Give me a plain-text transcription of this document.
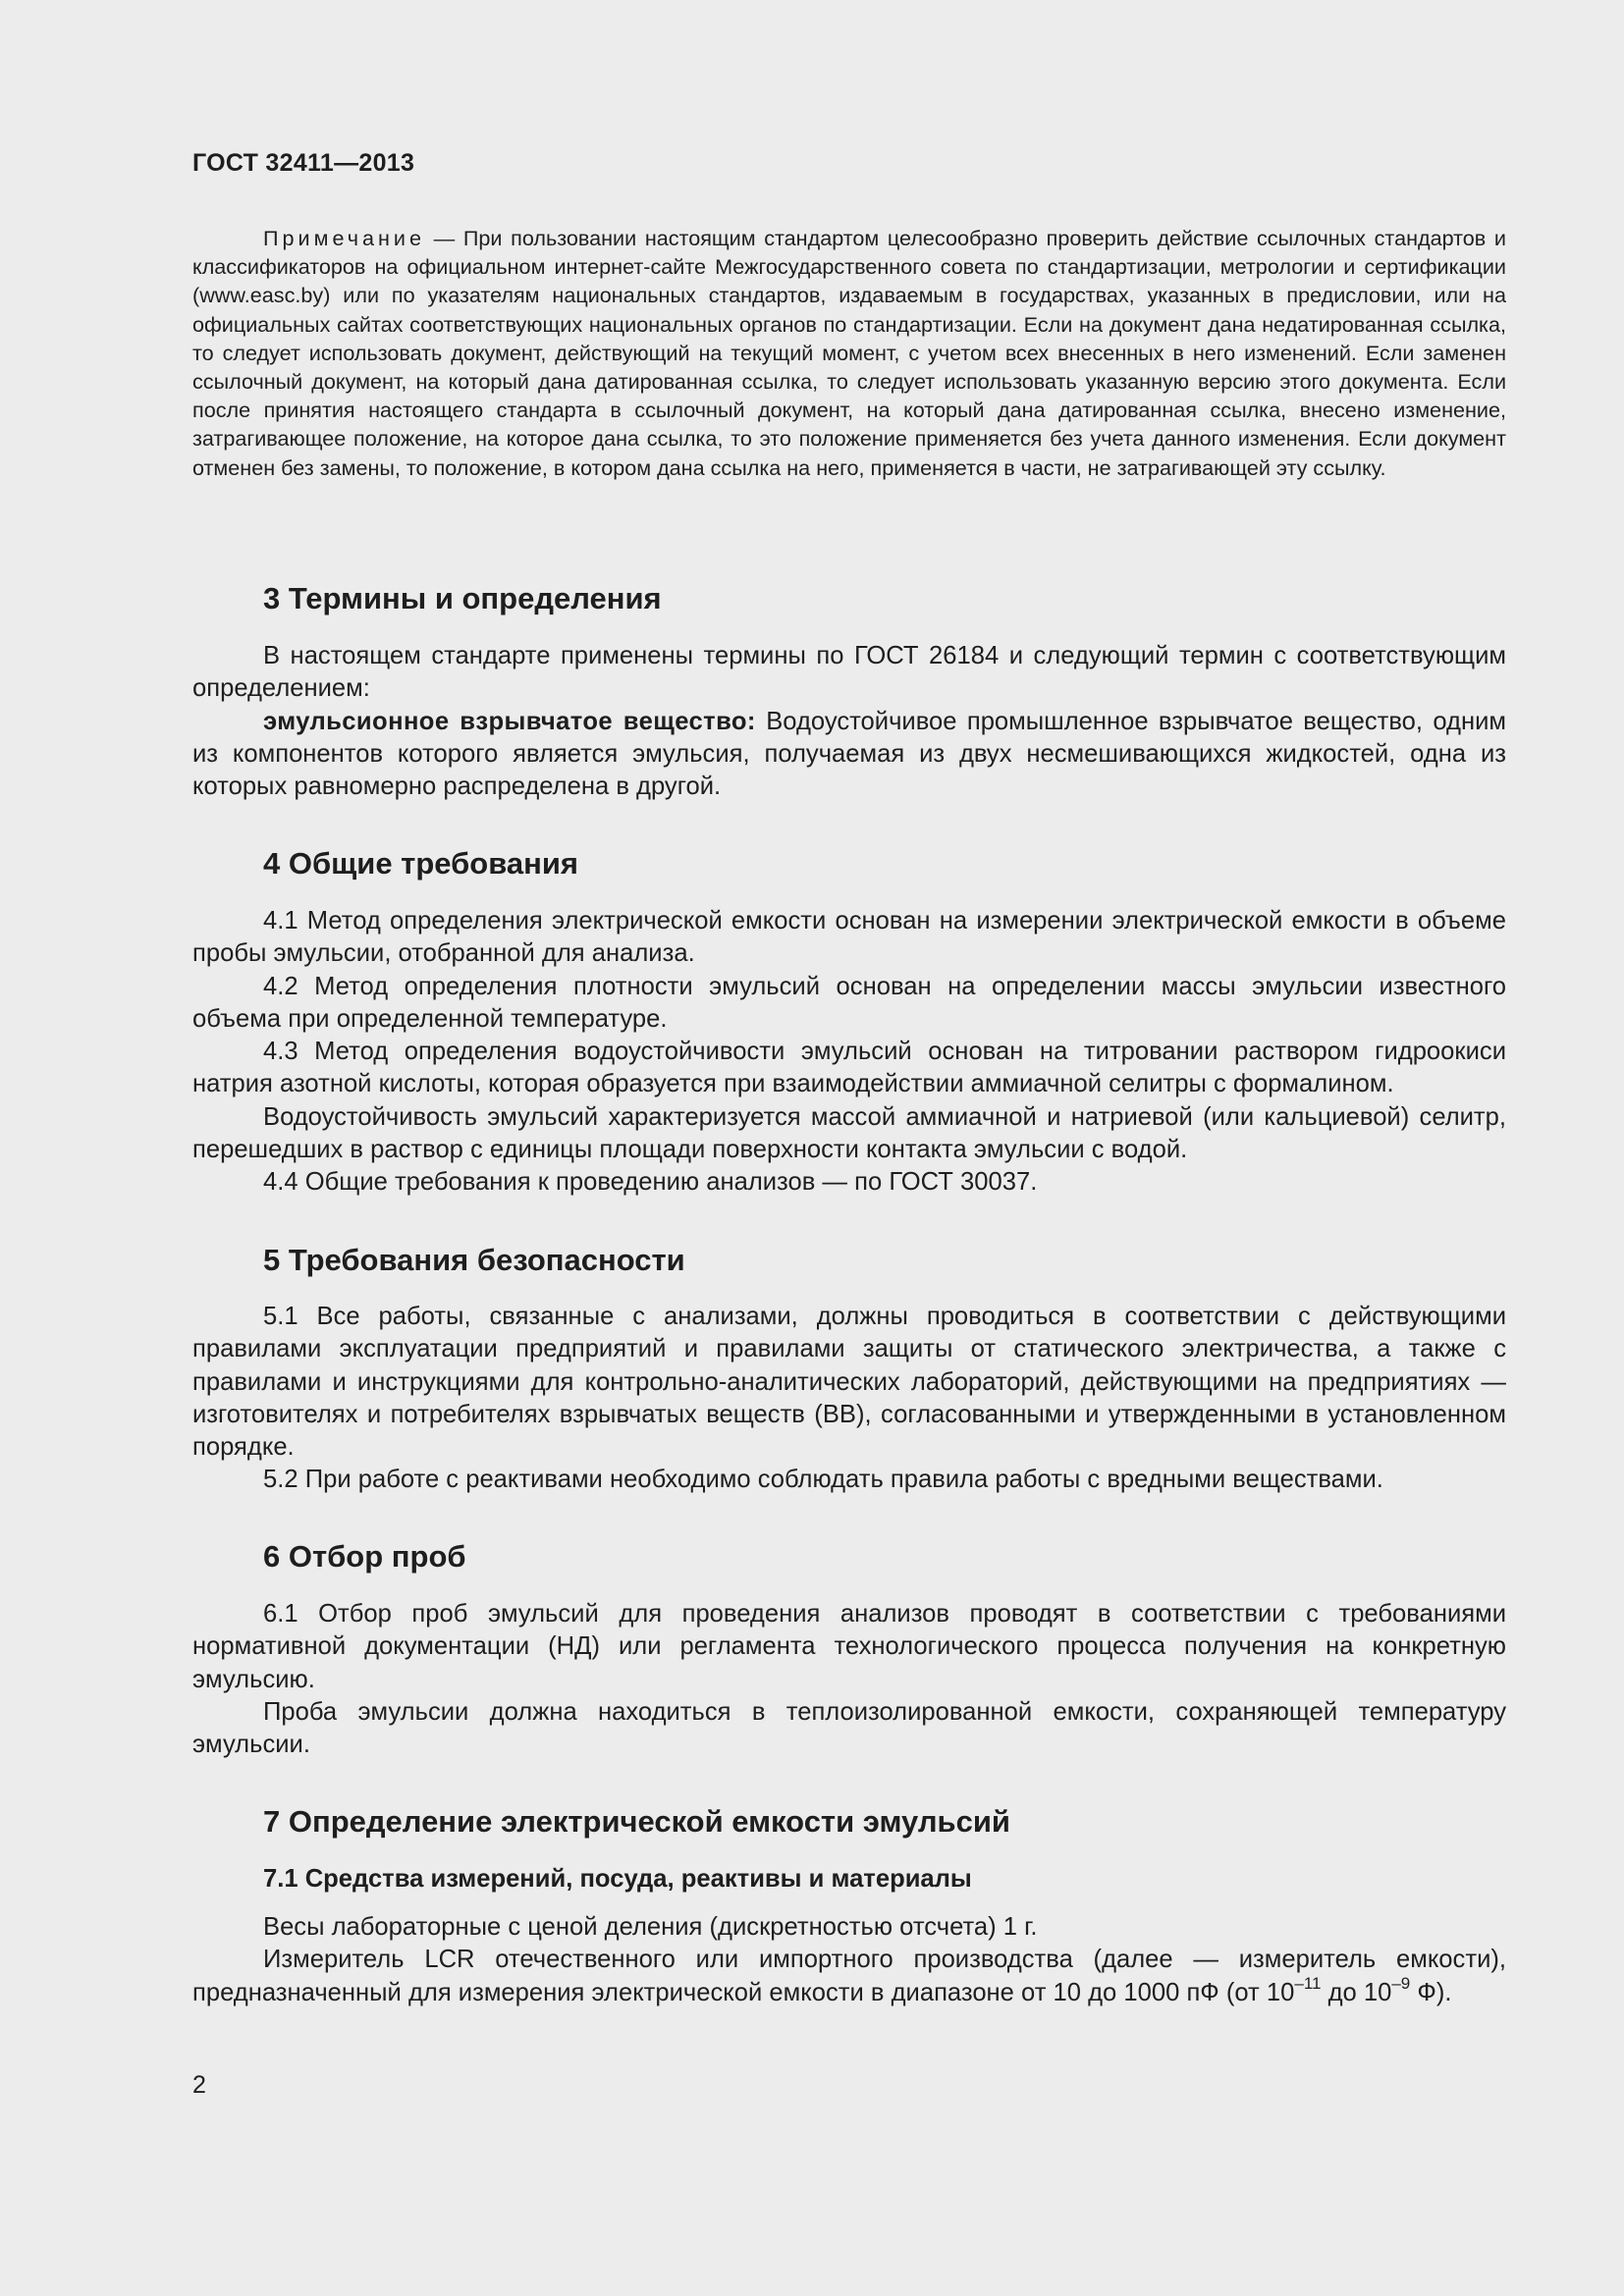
ГОСТ 32411—2013
Примечание — При пользовании настоящим стандартом целесообразно проверить действие ссылочных стандартов и классификаторов на официальном интернет-сайте Межгосударственного совета по стандартизации, метрологии и сертификации (www.easc.by) или по указателям национальных стандартов, издаваемым в государствах, указанных в предисловии, или на официальных сайтах соответствующих национальных органов по стандартизации. Если на документ дана недатированная ссылка, то следует использовать документ, действующий на текущий момент, с учетом всех внесенных в него изменений. Если заменен ссылочный документ, на который дана датированная ссылка, то следует использовать указанную версию этого документа. Если после принятия настоящего стандарта в ссылочный документ, на который дана датированная ссылка, внесено изменение, затрагивающее положение, на которое дана ссылка, то это положение применяется без учета данного изменения. Если документ отменен без замены, то положение, в котором дана ссылка на него, применяется в части, не затрагивающей эту ссылку.
3 Термины и определения

В настоящем стандарте применены термины по ГОСТ 26184 и следующий термин с соответствующим определением:

эмульсионное взрывчатое вещество: Водоустойчивое промышленное взрывчатое вещество, одним из компонентов которого является эмульсия, получаемая из двух несмешивающихся жидкостей, одна из которых равномерно распределена в другой.

4 Общие требования

4.1 Метод определения электрической емкости основан на измерении электрической емкости в объеме пробы эмульсии, отобранной для анализа.

4.2 Метод определения плотности эмульсий основан на определении массы эмульсии известного объема при определенной температуре.

4.3 Метод определения водоустойчивости эмульсий основан на титровании раствором гидроокиси натрия азотной кислоты, которая образуется при взаимодействии аммиачной селитры с формалином.

Водоустойчивость эмульсий характеризуется массой аммиачной и натриевой (или кальциевой) селитр, перешедших в раствор с единицы площади поверхности контакта эмульсии с водой.

4.4 Общие требования к проведению анализов — по ГОСТ 30037.

5 Требования безопасности

5.1 Все работы, связанные с анализами, должны проводиться в соответствии с действующими правилами эксплуатации предприятий и правилами защиты от статического электричества, а также с правилами и инструкциями для контрольно-аналитических лабораторий, действующими на предприятиях — изготовителях и потребителях взрывчатых веществ (ВВ), согласованными и утвержденными в установленном порядке.

5.2 При работе с реактивами необходимо соблюдать правила работы с вредными веществами.

6 Отбор проб

6.1 Отбор проб эмульсий для проведения анализов проводят в соответствии с требованиями нормативной документации (НД) или регламента технологического процесса получения на конкретную эмульсию.

Проба эмульсии должна находиться в теплоизолированной емкости, сохраняющей температуру эмульсии.

7 Определение электрической емкости эмульсий
7.1 Средства измерений, посуда, реактивы и материалы

Весы лабораторные с ценой деления (дискретностью отсчета) 1 г.

Измеритель LCR отечественного или импортного производства (далее — измеритель емкости), предназначенный для измерения электрической емкости в диапазоне от 10 до 1000 пФ (от $10^{-11}$ до $10^{-9}$ Ф).

2
